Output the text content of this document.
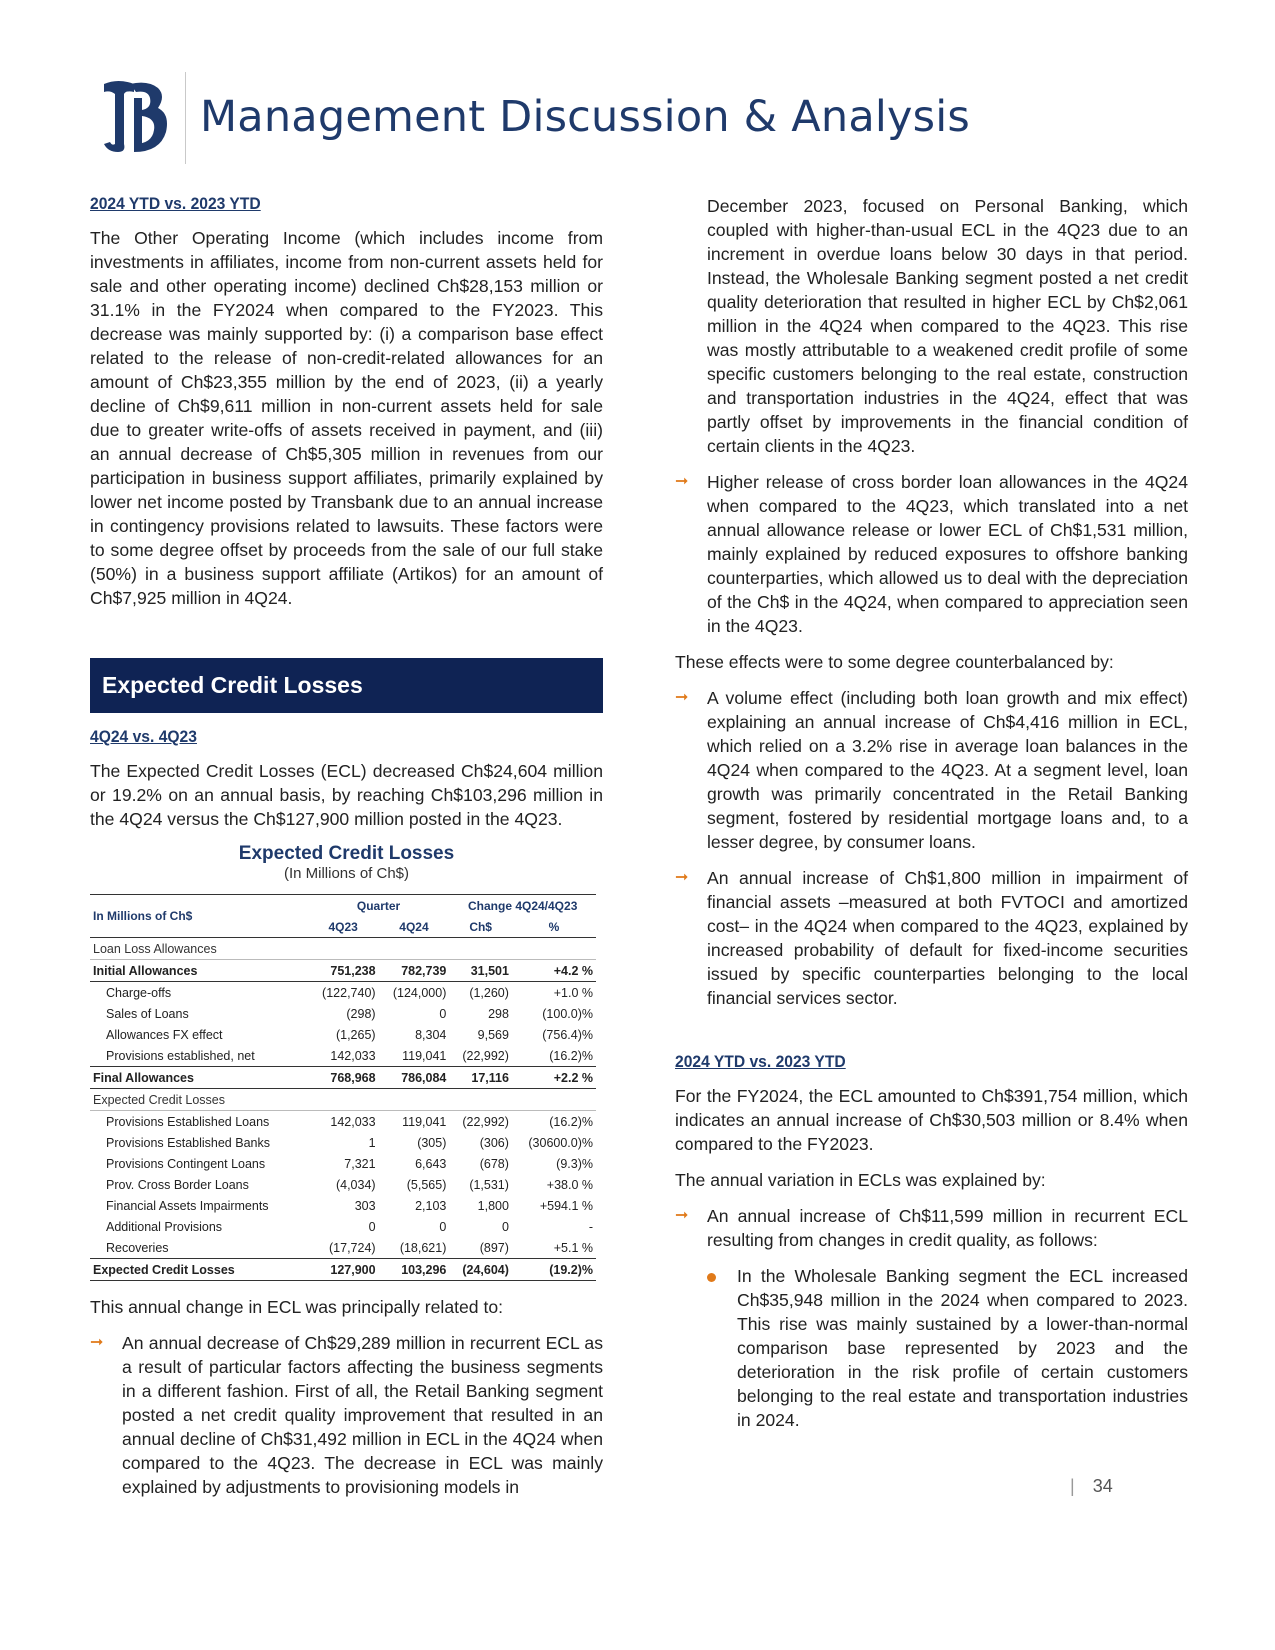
Management Discussion & Analysis
2024 YTD vs. 2023 YTD

The Other Operating Income (which includes income from investments in affiliates, income from non-current assets held for sale and other operating income) declined Ch$28,153 million or 31.1% in the FY2024 when compared to the FY2023. This decrease was mainly supported by: (i) a comparison base effect related to the release of non-credit-related allowances for an amount of Ch$23,355 million by the end of 2023, (ii) a yearly decline of Ch$9,611 million in non-current assets held for sale due to greater write-offs of assets received in payment, and (iii) an annual decrease of Ch$5,305 million in revenues from our participation in business support affiliates, primarily explained by lower net income posted by Transbank due to an annual increase in contingency provisions related to lawsuits. These factors were to some degree offset by proceeds from the sale of our full stake (50%) in a business support affiliate (Artikos) for an amount of Ch$7,925 million in 4Q24.

Expected Credit Losses
4Q24 vs. 4Q23

The Expected Credit Losses (ECL) decreased Ch$24,604 million or 19.2% on an annual basis, by reaching Ch$103,296 million in the 4Q24 versus the Ch$127,900 million posted in the 4Q23.

Expected Credit Losses
(In Millions of Ch$)
In Millions of Ch$	Quarter		Change 4Q24/4Q23	
	4Q23	4Q24	Ch$	%
Loan Loss Allowances				
Initial Allowances	751,238	782,739	31,501	+4.2 %
Charge-offs	(122,740)	(124,000)	(1,260)	+1.0 %
Sales of Loans	(298)	0	298	(100.0)%
Allowances FX effect	(1,265)	8,304	9,569	(756.4)%
Provisions established, net	142,033	119,041	(22,992)	(16.2)%
Final Allowances	768,968	786,084	17,116	+2.2 %
Expected Credit Losses				
Provisions Established Loans	142,033	119,041	(22,992)	(16.2)%
Provisions Established Banks	1	(305)	(306)	(30600.0)%
Provisions Contingent Loans	7,321	6,643	(678)	(9.3)%
Prov. Cross Border Loans	(4,034)	(5,565)	(1,531)	+38.0 %
Financial Assets Impairments	303	2,103	1,800	+594.1 %
Additional Provisions	0	0	0	-
Recoveries	(17,724)	(18,621)	(897)	+5.1 %
Expected Credit Losses	127,900	103,296	(24,604)	(19.2)%

This annual change in ECL was principally related to:

➞ An annual decrease of Ch$29,289 million in recurrent ECL as a result of particular factors affecting the business segments in a different fashion. First of all, the Retail Banking segment posted a net credit quality improvement that resulted in an annual decline of Ch$31,492 million in ECL in the 4Q24 when compared to the 4Q23. The decrease in ECL was mainly explained by adjustments to provisioning models in
December 2023, focused on Personal Banking, which coupled with higher-than-usual ECL in the 4Q23 due to an increment in overdue loans below 30 days in that period. Instead, the Wholesale Banking segment posted a net credit quality deterioration that resulted in higher ECL by Ch$2,061 million in the 4Q24 when compared to the 4Q23. This rise was mostly attributable to a weakened credit profile of some specific customers belonging to the real estate, construction and transportation industries in the 4Q24, effect that was partly offset by improvements in the financial condition of certain clients in the 4Q23.
➞ Higher release of cross border loan allowances in the 4Q24 when compared to the 4Q23, which translated into a net annual allowance release or lower ECL of Ch$1,531 million, mainly explained by reduced exposures to offshore banking counterparties, which allowed us to deal with the depreciation of the Ch$ in the 4Q24, when compared to appreciation seen in the 4Q23.

These effects were to some degree counterbalanced by:

➞ A volume effect (including both loan growth and mix effect) explaining an annual increase of Ch$4,416 million in ECL, which relied on a 3.2% rise in average loan balances in the 4Q24 when compared to the 4Q23. At a segment level, loan growth was primarily concentrated in the Retail Banking segment, fostered by residential mortgage loans and, to a lesser degree, by consumer loans.
➞ An annual increase of Ch$1,800 million in impairment of financial assets –measured at both FVTOCI and amortized cost– in the 4Q24 when compared to the 4Q23, explained by increased probability of default for fixed-income securities issued by specific counterparties belonging to the local financial services sector.
2024 YTD vs. 2023 YTD

For the FY2024, the ECL amounted to Ch$391,754 million, which indicates an annual increase of Ch$30,503 million or 8.4% when compared to the FY2023.

The annual variation in ECLs was explained by:

➞ An annual increase of Ch$11,599 million in recurrent ECL resulting from changes in credit quality, as follows:
In the Wholesale Banking segment the ECL increased Ch$35,948 million in the 2024 when compared to 2023. This rise was mainly sustained by a lower-than-normal comparison base represented by 2023 and the deterioration in the risk profile of certain customers belonging to the real estate and transportation industries in 2024.
| 34
